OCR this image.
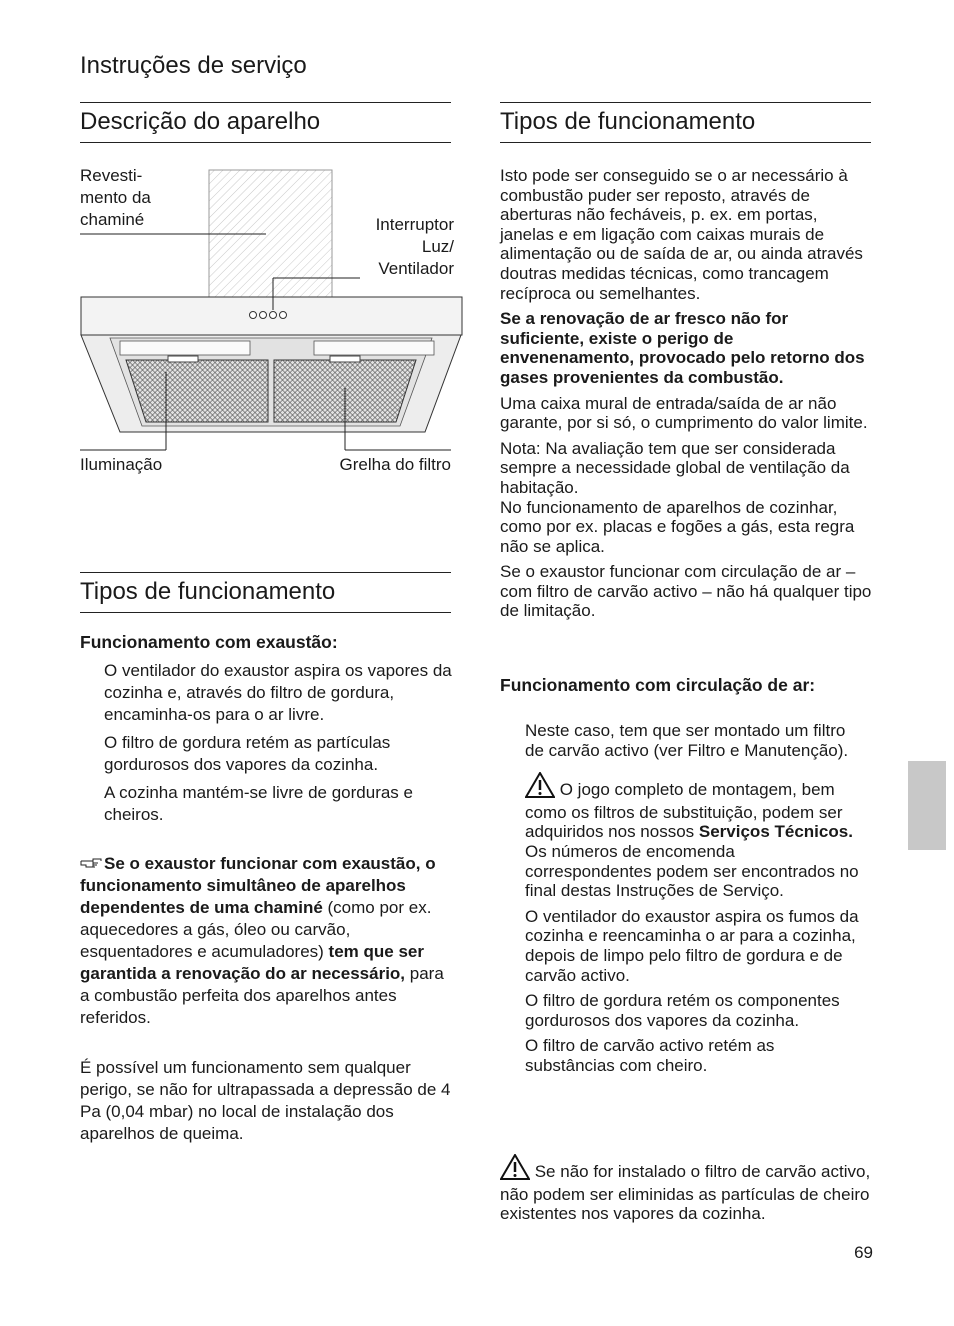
Instruções de serviço
Descrição do aparelho
Revesti-
mento da
chaminé	Interruptor
Luz/
Ventilador
Iluminação	Grelha do filtro
Tipos de funcionamento
Funcionamento com exaustão:

O ventilador do exaustor aspira os vapores da cozinha e, através do filtro de gordura, encaminha-os para o ar livre.

O filtro de gordura retém as partículas gordurosos dos vapores da cozinha.

A cozinha mantém-se livre de gorduras e cheiros.

Se o exaustor funcionar com exaustão, o funcionamento simultâneo de aparelhos dependentes de uma chaminé (como por ex. aquecedores a gás, óleo ou carvão, esquentadores e acumuladores) tem que ser garantida a renovação do ar necessário, para a combustão perfeita dos aparelhos antes referidos.

É possível um funcionamento sem qualquer perigo, se não for ultrapassada a depressão de 4 Pa (0,04 mbar) no local de instalação dos aparelhos de queima.

Tipos de funcionamento

Isto pode ser conseguido se o ar necessário à combustão puder ser reposto, através de aberturas não fecháveis, p. ex. em portas, janelas e em ligação com caixas murais de alimentação ou de saída de ar, ou ainda através doutras medidas técnicas, como trancagem recíproca ou semelhantes.

Se a renovação de ar fresco não for suficiente, existe o perigo de envenenamento, provocado pelo retorno dos gases provenientes da combustão.

Uma caixa mural de entrada/saída de ar não garante, por si só, o cumprimento do valor limite.

Nota: Na avaliação tem que ser considerada sempre a necessidade global de ventilação da habitação.

No funcionamento de aparelhos de cozinhar, como por ex. placas e fogões a gás, esta regra não se aplica.

Se o exaustor funcionar com circulação de ar – com filtro de carvão activo – não há qualquer tipo de limitação.

Funcionamento com circulação de ar:

Neste caso, tem que ser montado um filtro de carvão activo (ver Filtro e Manutenção).

O jogo completo de montagem, bem como os filtros de substituição, podem ser adquiridos nos nossos Serviços Técnicos.

Os números de encomenda correspondentes podem ser encontrados no final destas Instruções de Serviço.

O ventilador do exaustor aspira os fumos da cozinha e reencaminha o ar para a cozinha, depois de limpo pelo filtro de gordura e de carvão activo.

O filtro de gordura retém os componentes gordurosos dos vapores da cozinha.

O filtro de carvão activo retém as substâncias com cheiro.

Se não for instalado o filtro de carvão activo, não podem ser eliminidas as partículas de cheiro existentes nos vapores da cozinha.

69
